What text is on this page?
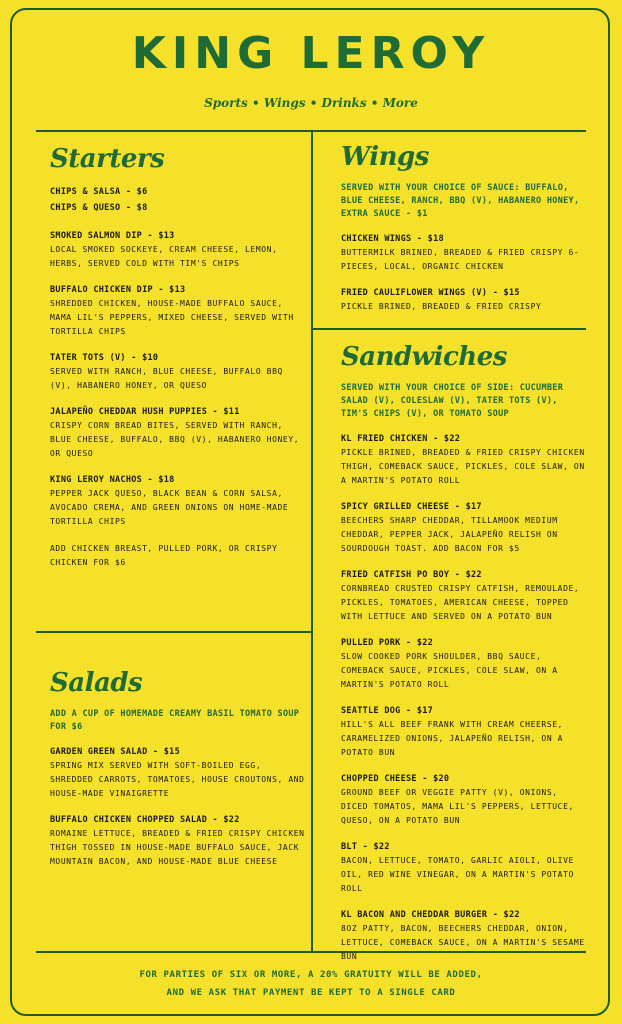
KING LEROY
Sports • Wings • Drinks • More
Starters
CHIPS & SALSA - $6
CHIPS & QUESO - $8
SMOKED SALMON DIP - $13
LOCAL SMOKED SOCKEYE, CREAM CHEESE, LEMON, HERBS, SERVED COLD WITH TIM'S CHIPS
BUFFALO CHICKEN DIP - $13
SHREDDED CHICKEN, HOUSE-MADE BUFFALO SAUCE, MAMA LIL'S PEPPERS, MIXED CHEESE, SERVED WITH TORTILLA CHIPS
TATER TOTS (V) - $10
SERVED WITH RANCH, BLUE CHEESE, BUFFALO BBQ (V), HABANERO HONEY, OR QUESO
JALAPEÑO CHEDDAR HUSH PUPPIES - $11
CRISPY CORN BREAD BITES, SERVED WITH RANCH, BLUE CHEESE, BUFFALO, BBQ (V), HABANERO HONEY, OR QUESO
KING LEROY NACHOS - $18
PEPPER JACK QUESO, BLACK BEAN & CORN SALSA, AVOCADO CREMA, AND GREEN ONIONS ON HOME-MADE TORTILLA CHIPS
ADD CHICKEN BREAST, PULLED PORK, OR CRISPY CHICKEN FOR $6
Salads
ADD A CUP OF HOMEMADE CREAMY BASIL TOMATO SOUP FOR $6
GARDEN GREEN SALAD - $15
SPRING MIX SERVED WITH SOFT-BOILED EGG, SHREDDED CARROTS, TOMATOES, HOUSE CROUTONS, AND HOUSE-MADE VINAIGRETTE
BUFFALO CHICKEN CHOPPED SALAD - $22
ROMAINE LETTUCE, BREADED & FRIED CRISPY CHICKEN THIGH TOSSED IN HOUSE-MADE BUFFALO SAUCE, JACK MOUNTAIN BACON, AND HOUSE-MADE BLUE CHEESE
Wings
SERVED WITH YOUR CHOICE OF SAUCE: BUFFALO, BLUE CHEESE, RANCH, BBQ (V), HABANERO HONEY, EXTRA SAUCE - $1
CHICKEN WINGS - $18
BUTTERMILK BRINED, BREADED & FRIED CRISPY 6-PIECES, LOCAL, ORGANIC CHICKEN
FRIED CAULIFLOWER WINGS (V) - $15
PICKLE BRINED, BREADED & FRIED CRISPY
Sandwiches
SERVED WITH YOUR CHOICE OF SIDE: CUCUMBER SALAD (V), COLESLAW (V), TATER TOTS (V), TIM'S CHIPS (V), OR TOMATO SOUP
KL FRIED CHICKEN - $22
PICKLE BRINED, BREADED & FRIED CRISPY CHICKEN THIGH, COMEBACK SAUCE, PICKLES, COLE SLAW, ON A MARTIN'S POTATO ROLL
SPICY GRILLED CHEESE - $17
BEECHERS SHARP CHEDDAR, TILLAMOOK MEDIUM CHEDDAR, PEPPER JACK, JALAPEÑO RELISH ON SOURDOUGH TOAST. ADD BACON FOR $5
FRIED CATFISH PO BOY - $22
CORNBREAD CRUSTED CRISPY CATFISH, REMOULADE, PICKLES, TOMATOES, AMERICAN CHEESE, TOPPED WITH LETTUCE AND SERVED ON A POTATO BUN
PULLED PORK - $22
SLOW COOKED PORK SHOULDER, BBQ SAUCE, COMEBACK SAUCE, PICKLES, COLE SLAW, ON A MARTIN'S POTATO ROLL
SEATTLE DOG - $17
HILL'S ALL BEEF FRANK WITH CREAM CHEERSE, CARAMELIZED ONIONS, JALAPEÑO RELISH, ON A POTATO BUN
CHOPPED CHEESE - $20
GROUND BEEF OR VEGGIE PATTY (V), ONIONS, DICED TOMATOS, MAMA LIL'S PEPPERS, LETTUCE, QUESO, ON A POTATO BUN
BLT - $22
BACON, LETTUCE, TOMATO, GARLIC AIOLI, OLIVE OIL, RED WINE VINEGAR, ON A MARTIN'S POTATO ROLL
KL BACON AND CHEDDAR BURGER - $22
8OZ PATTY, BACON, BEECHERS CHEDDAR, ONION, LETTUCE, COMEBACK SAUCE, ON A MARTIN'S SESAME BUN
FOR PARTIES OF SIX OR MORE, A 20% GRATUITY WILL BE ADDED,
AND WE ASK THAT PAYMENT BE KEPT TO A SINGLE CARD
